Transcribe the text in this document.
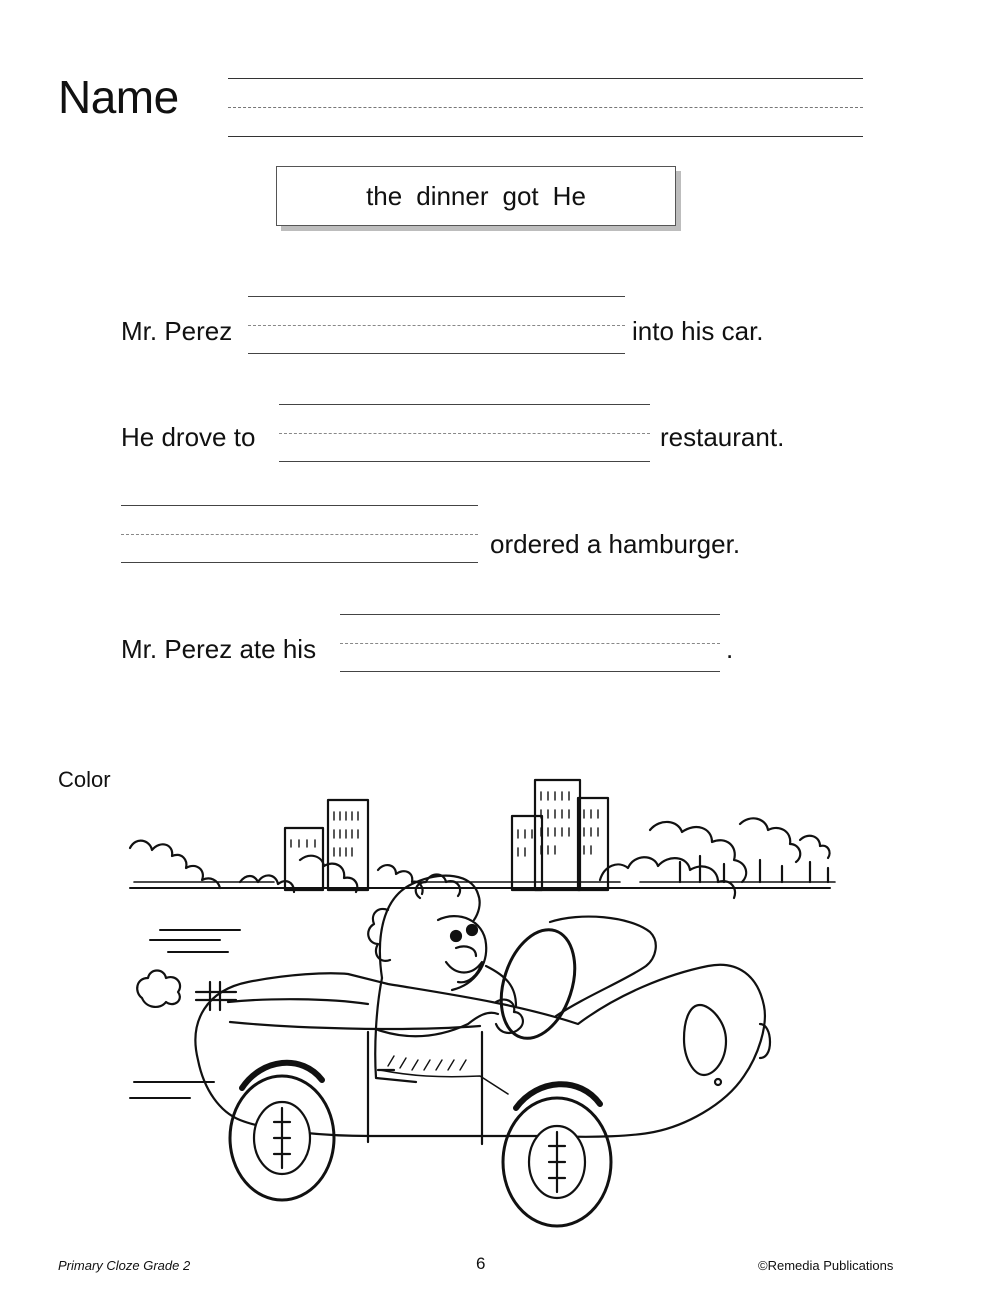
Name
the dinner got He
Mr. Perez	into his car.
He drove to	restaurant.
ordered a hamburger.
Mr. Perez ate his	.
Color
Primary Cloze Grade 2	6	©Remedia Publications
